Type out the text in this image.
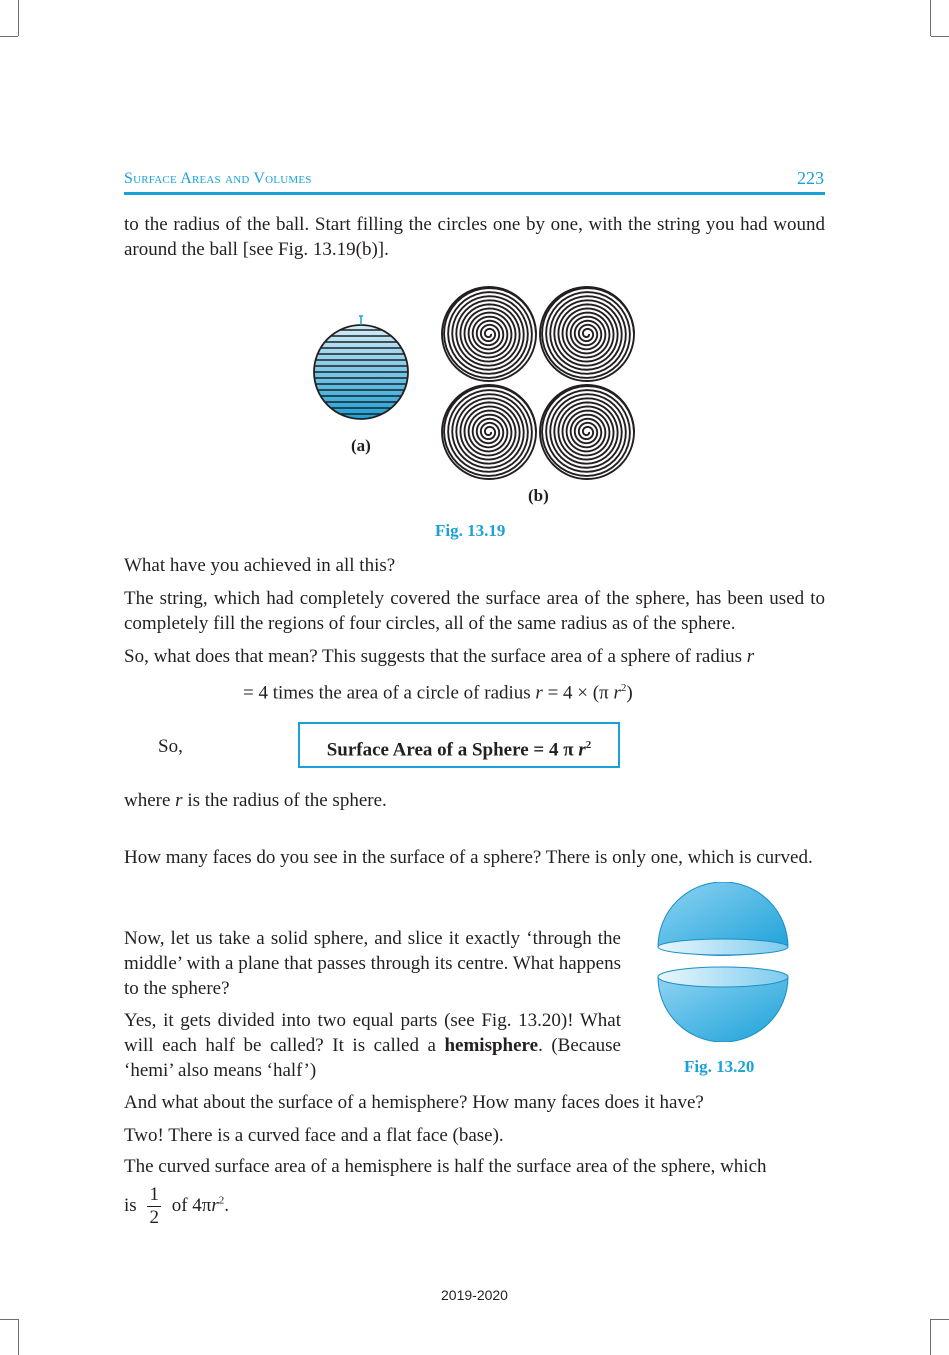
Surface Areas and Volumes	223

to the radius of the ball. Start filling the circles one by one, with the string you had wound around the ball [see Fig. 13.19(b)].

(a)
(b)
Fig. 13.19

What have you achieved in all this?

The string, which had completely covered the surface area of the sphere, has been used to completely fill the regions of four circles, all of the same radius as of the sphere.

So, what does that mean? This suggests that the surface area of a sphere of radius r

= 4 times the area of a circle of radius r = 4 × (π $r^2$)
So,	Surface Area of a Sphere = 4 π $r^2$

where r is the radius of the sphere.

How many faces do you see in the surface of a sphere? There is only one, which is curved.

Now, let us take a solid sphere, and slice it exactly ‘through the middle’ with a plane that passes through its centre. What happens to the sphere?

Yes, it gets divided into two equal parts (see Fig. 13.20)! What will each half be called? It is called a hemisphere. (Because ‘hemi’ also means ‘half’)	Fig. 13.20

And what about the surface of a hemisphere? How many faces does it have?

Two! There is a curved face and a flat face (base).

The curved surface area of a hemisphere is half the surface area of the sphere, which

is $\frac{1}{2}$ of $4\pi r^2$.
2019-2020
